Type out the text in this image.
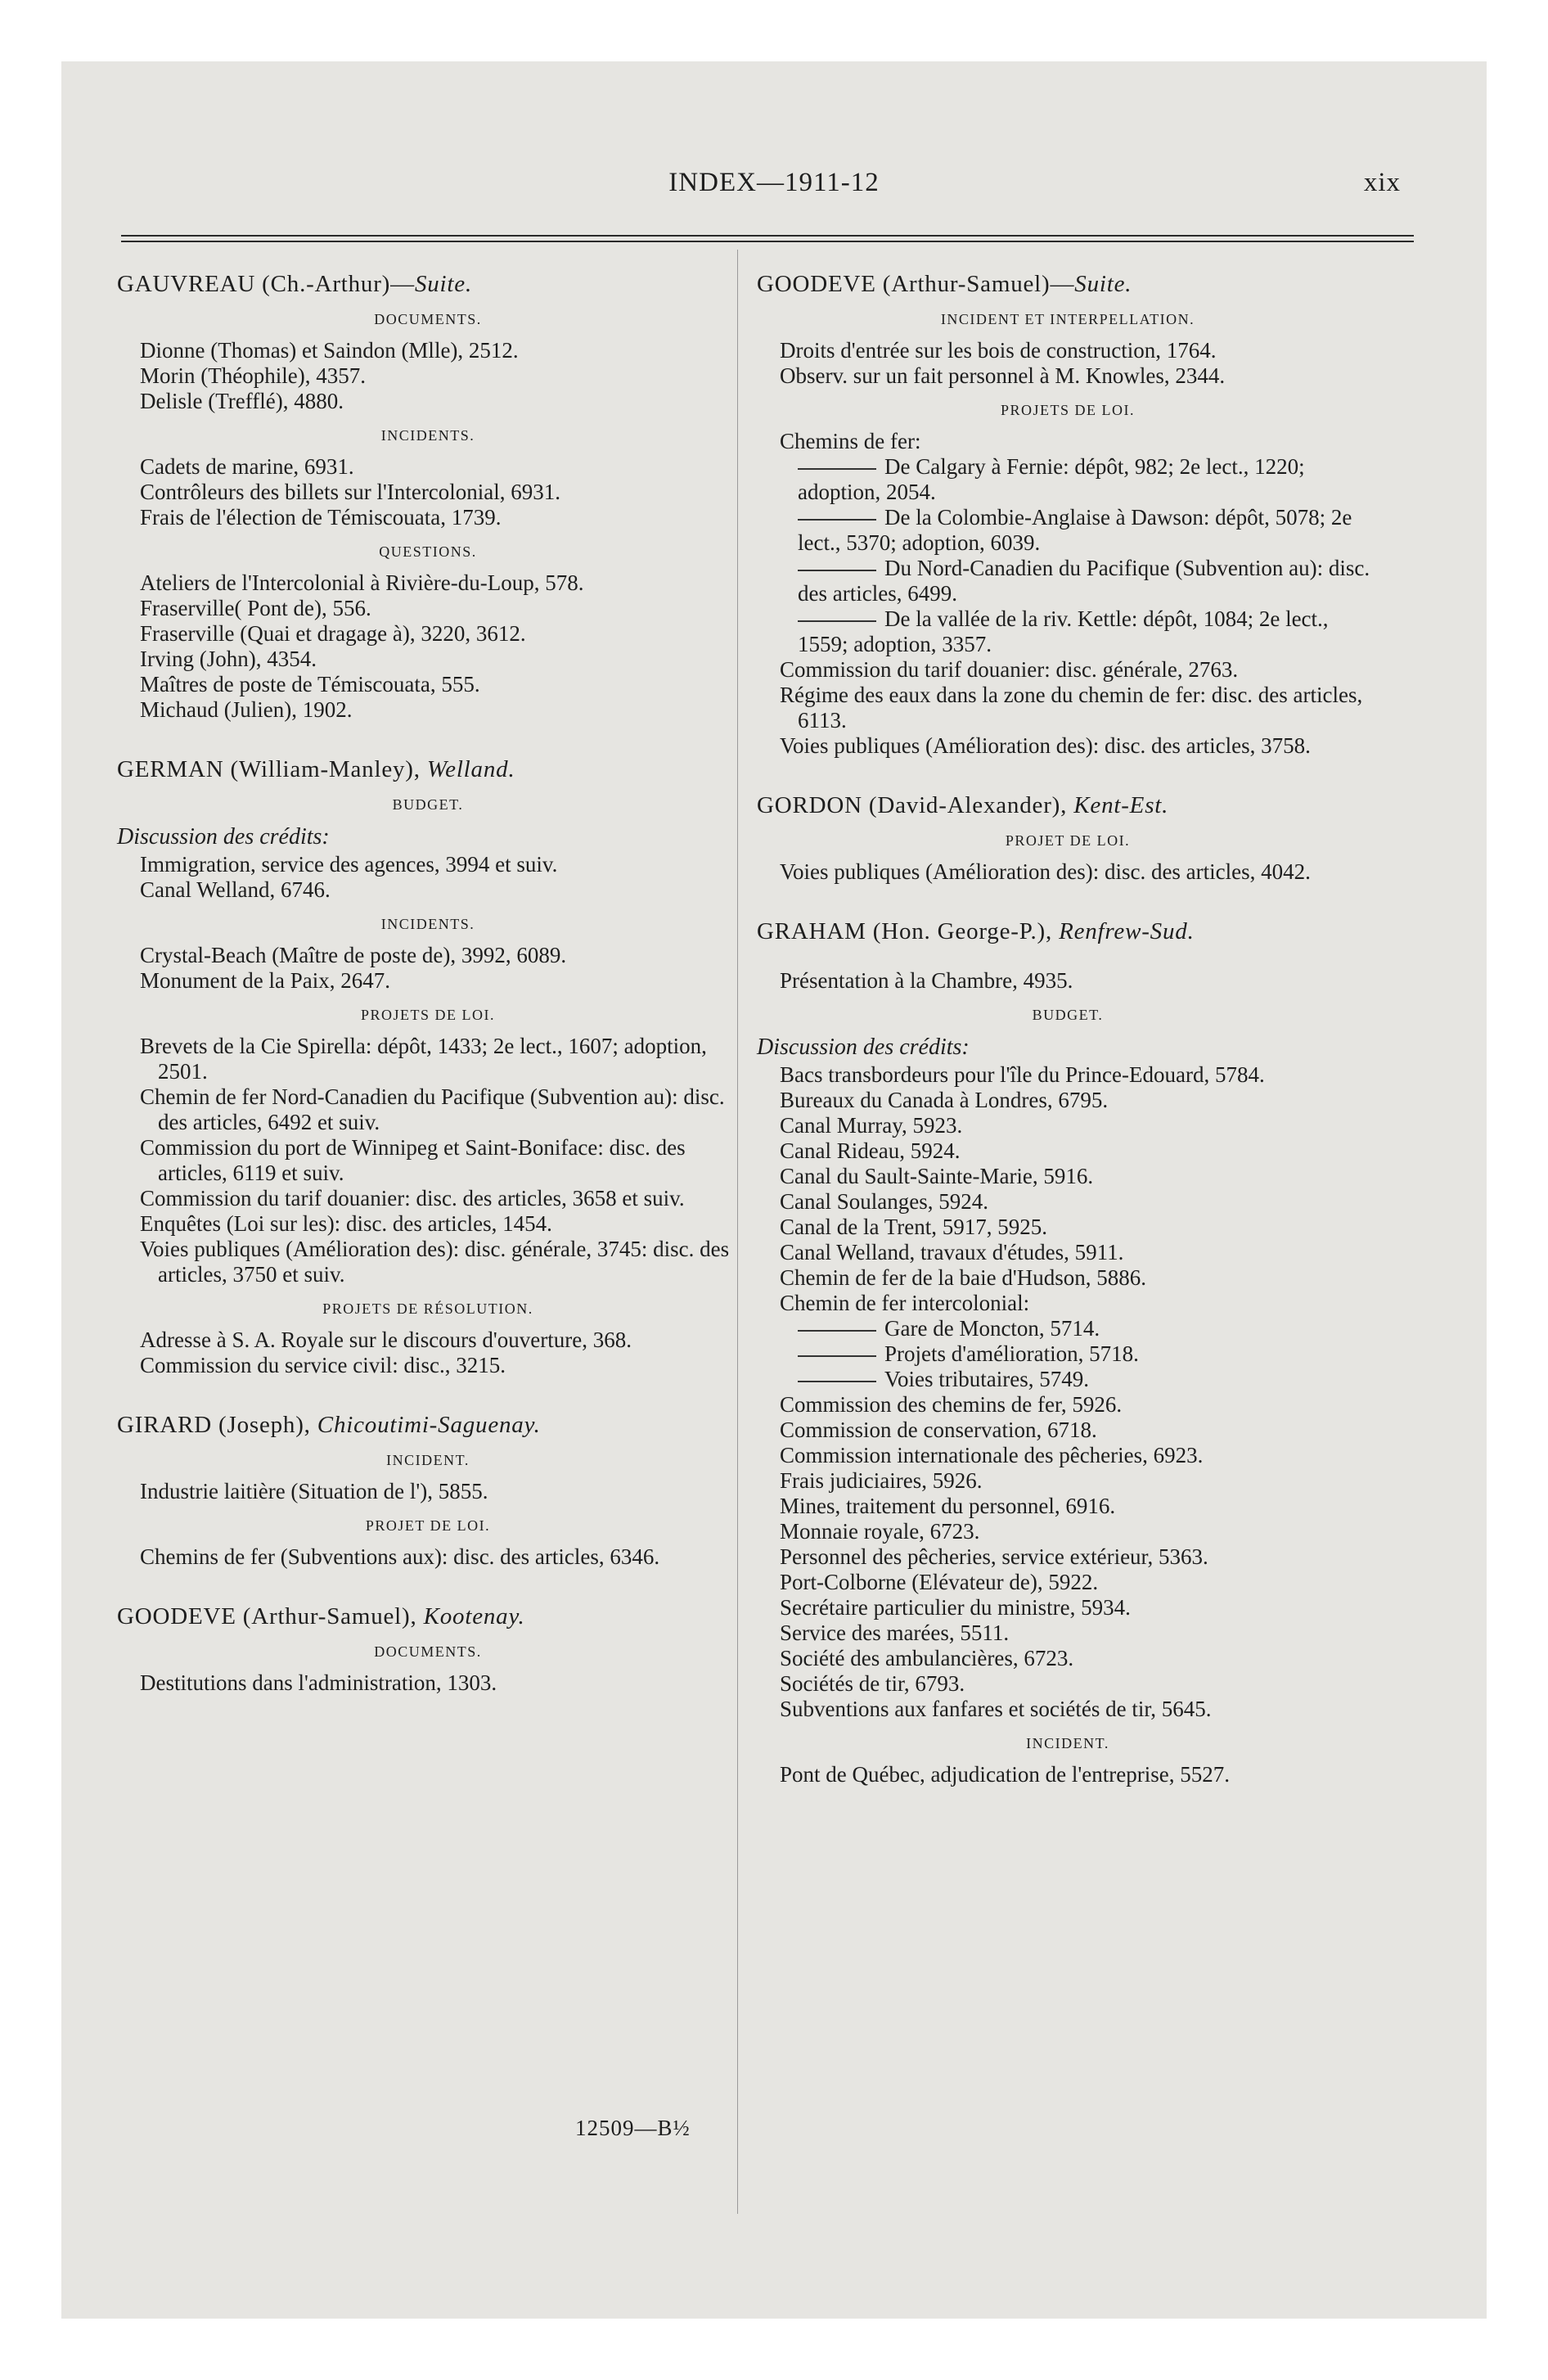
INDEX—1911-12	xix

GAUVREAU (Ch.-Arthur)—Suite.

DOCUMENTS.

Dionne (Thomas) et Saindon (Mlle), 2512.

Morin (Théophile), 4357.

Delisle (Trefflé), 4880.

INCIDENTS.

Cadets de marine, 6931.

Contrôleurs des billets sur l'Intercolonial, 6931.

Frais de l'élection de Témiscouata, 1739.

QUESTIONS.

Ateliers de l'Intercolonial à Rivière-du-Loup, 578.

Fraserville( Pont de), 556.

Fraserville (Quai et dragage à), 3220, 3612.

Irving (John), 4354.

Maîtres de poste de Témiscouata, 555.

Michaud (Julien), 1902.

GERMAN (William-Manley), Welland.

BUDGET.

Discussion des crédits:

Immigration, service des agences, 3994 et suiv.

Canal Welland, 6746.

INCIDENTS.

Crystal-Beach (Maître de poste de), 3992, 6089.

Monument de la Paix, 2647.

PROJETS DE LOI.

Brevets de la Cie Spirella: dépôt, 1433; 2e lect., 1607; adoption, 2501.

Chemin de fer Nord-Canadien du Pacifique (Subvention au): disc. des articles, 6492 et suiv.

Commission du port de Winnipeg et Saint-Boniface: disc. des articles, 6119 et suiv.

Commission du tarif douanier: disc. des articles, 3658 et suiv.

Enquêtes (Loi sur les): disc. des articles, 1454.

Voies publiques (Amélioration des): disc. générale, 3745: disc. des articles, 3750 et suiv.

PROJETS DE RÉSOLUTION.

Adresse à S. A. Royale sur le discours d'ouverture, 368.

Commission du service civil: disc., 3215.

GIRARD (Joseph), Chicoutimi-Saguenay.

INCIDENT.

Industrie laitière (Situation de l'), 5855.

PROJET DE LOI.

Chemins de fer (Subventions aux): disc. des articles, 6346.

GOODEVE (Arthur-Samuel), Kootenay.

DOCUMENTS.

Destitutions dans l'administration, 1303.

GOODEVE (Arthur-Samuel)—Suite.

INCIDENT ET INTERPELLATION.

Droits d'entrée sur les bois de construction, 1764.

Observ. sur un fait personnel à M. Knowles, 2344.

PROJETS DE LOI.

Chemins de fer:

De Calgary à Fernie: dépôt, 982; 2e lect., 1220; adoption, 2054.

De la Colombie-Anglaise à Dawson: dépôt, 5078; 2e lect., 5370; adoption, 6039.

Du Nord-Canadien du Pacifique (Subvention au): disc. des articles, 6499.

De la vallée de la riv. Kettle: dépôt, 1084; 2e lect., 1559; adoption, 3357.

Commission du tarif douanier: disc. générale, 2763.

Régime des eaux dans la zone du chemin de fer: disc. des articles, 6113.

Voies publiques (Amélioration des): disc. des articles, 3758.

GORDON (David-Alexander), Kent-Est.

PROJET DE LOI.

Voies publiques (Amélioration des): disc. des articles, 4042.

GRAHAM (Hon. George-P.), Renfrew-Sud.

Présentation à la Chambre, 4935.

BUDGET.

Discussion des crédits:

Bacs transbordeurs pour l'île du Prince-Edouard, 5784.

Bureaux du Canada à Londres, 6795.

Canal Murray, 5923.

Canal Rideau, 5924.

Canal du Sault-Sainte-Marie, 5916.

Canal Soulanges, 5924.

Canal de la Trent, 5917, 5925.

Canal Welland, travaux d'études, 5911.

Chemin de fer de la baie d'Hudson, 5886.

Chemin de fer intercolonial:

Gare de Moncton, 5714.

Projets d'amélioration, 5718.

Voies tributaires, 5749.

Commission des chemins de fer, 5926.

Commission de conservation, 6718.

Commission internationale des pêcheries, 6923.

Frais judiciaires, 5926.

Mines, traitement du personnel, 6916.

Monnaie royale, 6723.

Personnel des pêcheries, service extérieur, 5363.

Port-Colborne (Elévateur de), 5922.

Secrétaire particulier du ministre, 5934.

Service des marées, 5511.

Société des ambulancières, 6723.

Sociétés de tir, 6793.

Subventions aux fanfares et sociétés de tir, 5645.

INCIDENT.

Pont de Québec, adjudication de l'entreprise, 5527.

12509—B½
